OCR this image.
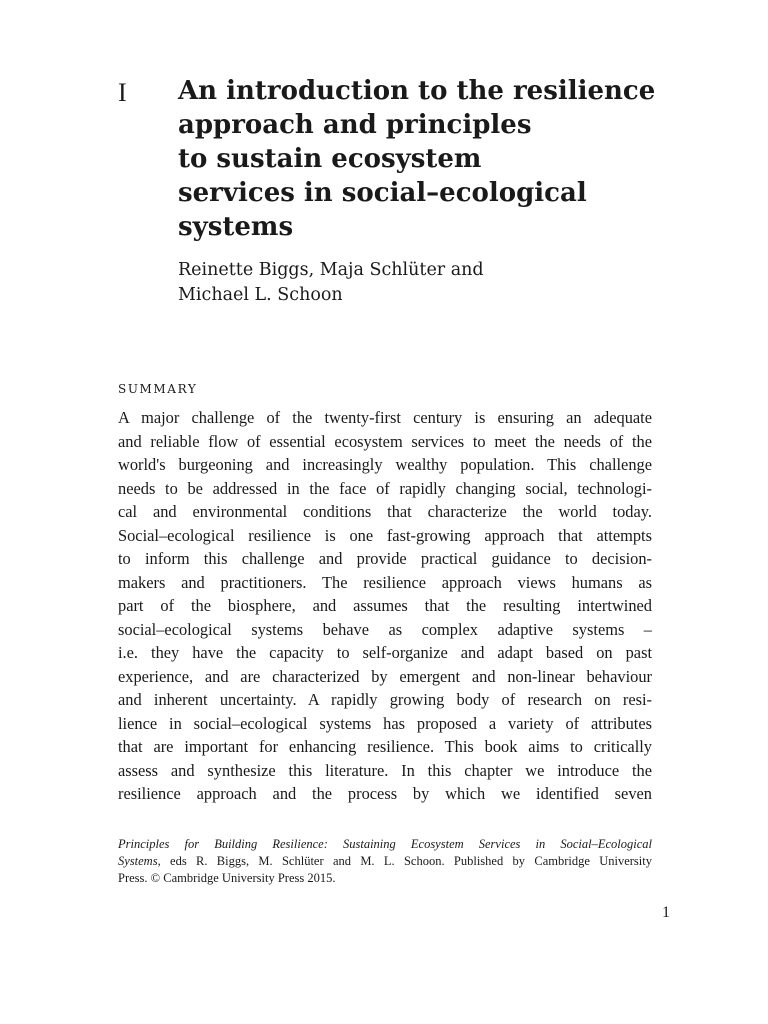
I An introduction to the resilience
approach and principles
to sustain ecosystem
services in social–ecological
systems
Reinette Biggs, Maja Schlüter and
Michael L. Schoon
SUMMARY
A major challenge of the twenty-first century is ensuring an adequate
and reliable flow of essential ecosystem services to meet the needs of the
world's burgeoning and increasingly wealthy population. This challenge
needs to be addressed in the face of rapidly changing social, technologi-
cal and environmental conditions that characterize the world today.
Social–ecological resilience is one fast-growing approach that attempts
to inform this challenge and provide practical guidance to decision-
makers and practitioners. The resilience approach views humans as
part of the biosphere, and assumes that the resulting intertwined
social–ecological systems behave as complex adaptive systems –
i.e. they have the capacity to self-organize and adapt based on past
experience, and are characterized by emergent and non-linear behaviour
and inherent uncertainty. A rapidly growing body of research on resi-
lience in social–ecological systems has proposed a variety of attributes
that are important for enhancing resilience. This book aims to critically
assess and synthesize this literature. In this chapter we introduce the
resilience approach and the process by which we identified seven
Principles for Building Resilience: Sustaining Ecosystem Services in Social–Ecological
Systems, eds R. Biggs, M. Schlüter and M. L. Schoon. Published by Cambridge University
Press. © Cambridge University Press 2015.
1
